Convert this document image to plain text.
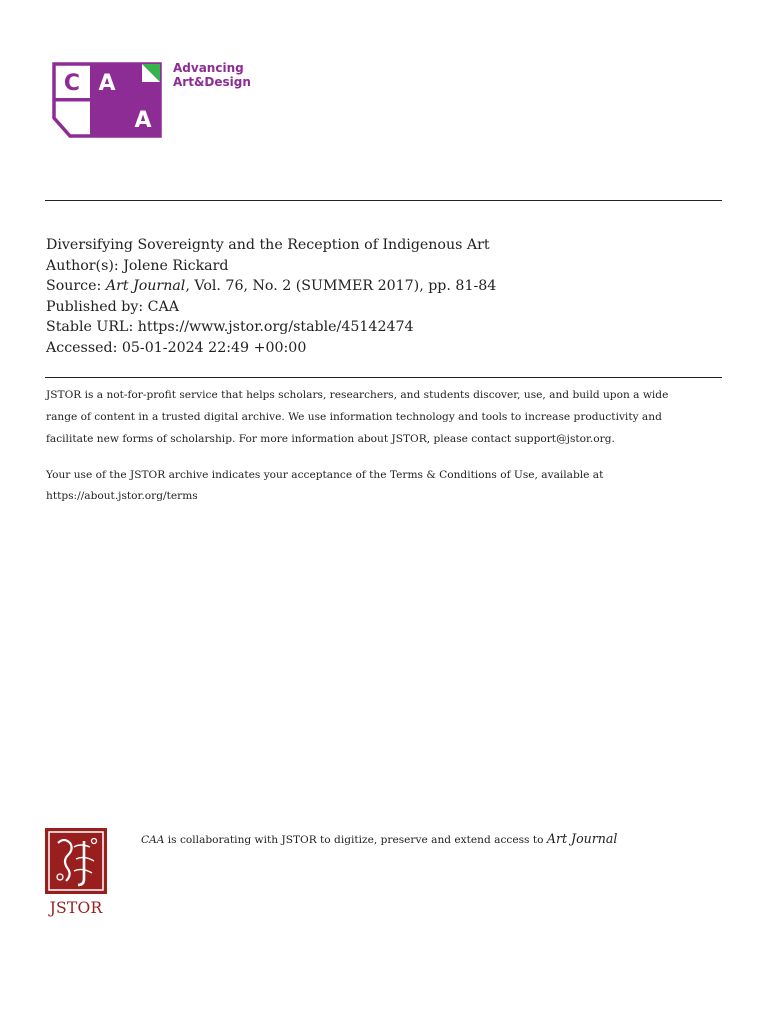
C A
A
Advancing
Art&Design
Diversifying Sovereignty and the Reception of Indigenous Art
Author(s): Jolene Rickard
Source: Art Journal, Vol. 76, No. 2 (SUMMER 2017), pp. 81-84
Published by: CAA
Stable URL: https://www.jstor.org/stable/45142474
Accessed: 05-01-2024 22:49 +00:00
JSTOR is a not-for-profit service that helps scholars, researchers, and students discover, use, and build upon a wide
range of content in a trusted digital archive. We use information technology and tools to increase productivity and
facilitate new forms of scholarship. For more information about JSTOR, please contact support@jstor.org.
Your use of the JSTOR archive indicates your acceptance of the Terms & Conditions of Use, available at
https://about.jstor.org/terms
JSTOR
CAA is collaborating with JSTOR to digitize, preserve and extend access to Art Journal
